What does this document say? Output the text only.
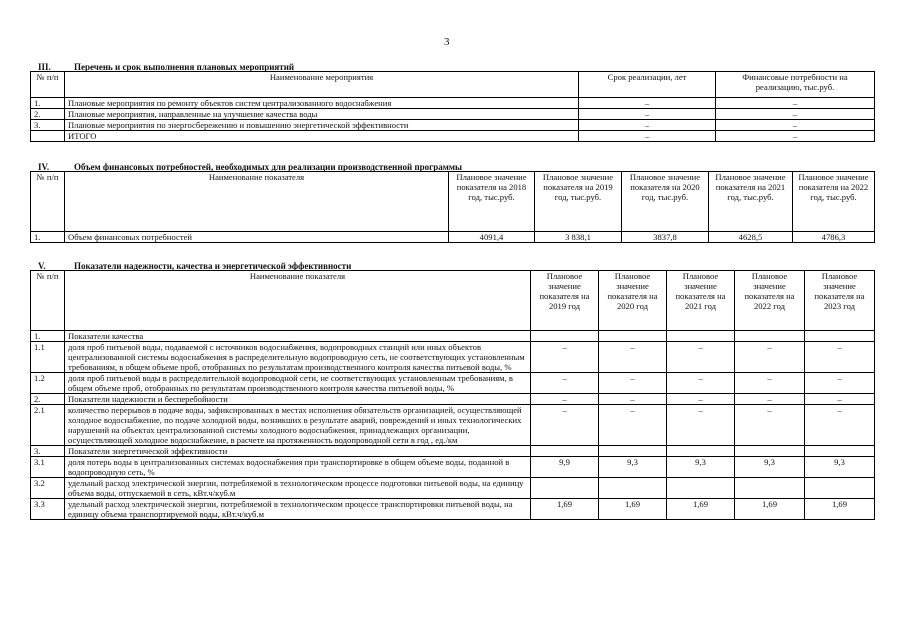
3
III.	Перечень и срок выполнения плановых мероприятий
№ п/п	Наименование мероприятия	Срок реализации, лет	Финансовые потребности на реализацию, тыс.руб.
1.	Плановые мероприятия по ремонту объектов систем централизованного водоснабжения	–	–
2.	Плановые мероприятия, направленные на улучшение качества воды	–	–
3.	Плановые мероприятия по энергосбережению и повышению энергетической эффективности	–	–
	ИТОГО	–	–
IV.	Объем финансовых потребностей, необходимых для реализации производственной программы
№ п/п	Наименование показателя	Плановое значение показателя на 2018 год, тыс.руб.	Плановое значение показателя на 2019 год, тыс.руб.	Плановое значение показателя на 2020 год, тыс.руб.	Плановое значение показателя на 2021 год, тыс.руб.	Плановое значение показателя на 2022 год, тыс.руб.
1.	Объем финансовых потребностей	4091,4	3 838,1	3837,8	4628,5	4786,3
V.	Показатели надежности, качества и энергетической эффективности
№ п/п	Наименование показателя	Плановое значение показателя на 2019 год	Плановое значение показателя на 2020 год	Плановое значение показателя на 2021 год	Плановое значение показателя на 2022 год	Плановое значение показателя на 2023 год
1.	Показатели качества					
1.1	доля проб питьевой воды, подаваемой с источников водоснабжения, водопроводных станций или иных объектов централизованной системы водоснабжения в распределительную водопроводную сеть, не соответствующих установленным требованиям, в общем объеме проб, отобранных по результатам производственного контроля качества питьевой воды, %	–	–	–	–	–
1.2	доля проб питьевой воды в распределительной водопроводной сети, не соответствующих установленным требованиям, в общем объеме проб, отобранных по результатам производственного контроля качества питьевой воды, %	–	–	–	–	–
2.	Показатели надежности и бесперебойности	–	–	–	–	–
2.1	количество перерывов в подаче воды, зафиксированных в местах исполнения обязательств организацией, осуществляющей холодное водоснабжение, по подаче холодной воды, возникших в результате аварий, повреждений и иных технологических нарушений на объектах централизованной системы холодного водоснабжения, принадлежащих организации, осуществляющей холодное водоснабжение, в расчете на протяженность водопроводной сети в год , ед./км	–	–	–	–	–
3.	Показатели энергетической эффективности					
3.1	доля потерь воды в централизованных системах водоснабжения при транспортировке в общем объеме воды, поданной в водопроводную сеть, %	9,9	9,3	9,3	9,3	9,3
3.2	удельный расход электрической энергии, потребляемой в технологическом процессе подготовки питьевой воды, на единицу объема воды, отпускаемой в сеть, кВт.ч/куб.м					
3.3	удельный расход электрической энергии, потребляемой в технологическом процессе транспортировки питьевой воды, на единицу объема транспортируемой воды, кВт.ч/куб.м	1,69	1,69	1,69	1,69	1,69
